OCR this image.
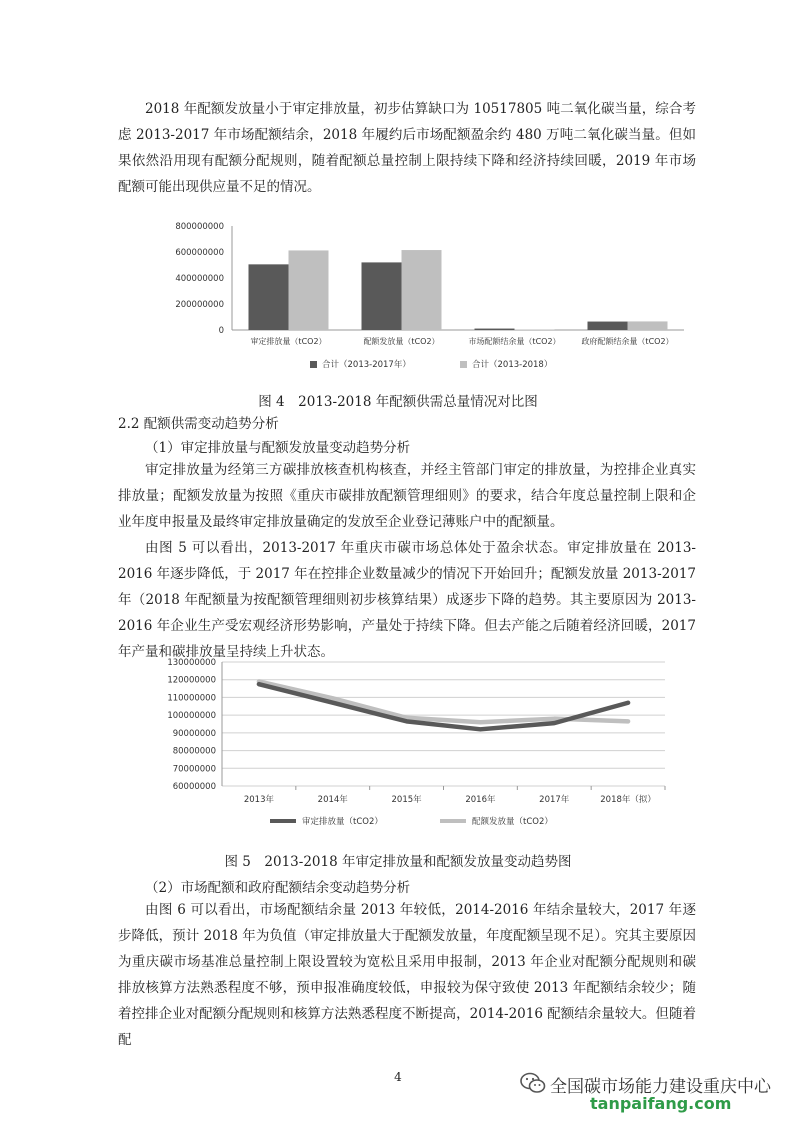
2018 年配额发放量小于审定排放量，初步估算缺口为 10517805 吨二氧化碳当量，综合考虑 2013-2017 年市场配额结余，2018 年履约后市场配额盈余约 480 万吨二氧化碳当量。但如果依然沿用现有配额分配规则，随着配额总量控制上限持续下降和经济持续回暖，2019 年市场配额可能出现供应量不足的情况。

800000000
600000000
400000000
200000000
0
审定排放量（tCO2）	配额发放量（tCO2）	市场配额结余量（tCO2）	政府配额结余量（tCO2）
合计（2013-2017年）	合计（2013-2018）

图 4　2013-2018 年配额供需总量情况对比图

2.2 配额供需变动趋势分析

（1）审定排放量与配额发放量变动趋势分析

审定排放量为经第三方碳排放核查机构核查，并经主管部门审定的排放量，为控排企业真实排放量；配额发放量为按照《重庆市碳排放配额管理细则》的要求，结合年度总量控制上限和企业年度申报量及最终审定排放量确定的发放至企业登记薄账户中的配额量。

由图 5 可以看出，2013-2017 年重庆市碳市场总体处于盈余状态。审定排放量在 2013-2016 年逐步降低，于 2017 年在控排企业数量减少的情况下开始回升；配额发放量 2013-2017 年（2018 年配额量为按配额管理细则初步核算结果）成逐步下降的趋势。其主要原因为 2013-2016 年企业生产受宏观经济形势影响，产量处于持续下降。但去产能之后随着经济回暖，2017 年产量和碳排放量呈持续上升状态。

130000000
120000000
110000000
100000000
90000000
80000000
70000000
60000000
2013年	2014年	2015年	2016年	2017年	2018年（拟）
审定排放量（tCO2）	配额发放量（tCO2）

图 5　2013-2018 年审定排放量和配额发放量变动趋势图

（2）市场配额和政府配额结余变动趋势分析

由图 6 可以看出，市场配额结余量 2013 年较低，2014-2016 年结余量较大，2017 年逐步降低，预计 2018 年为负值（审定排放量大于配额发放量，年度配额呈现不足）。究其主要原因为重庆碳市场基准总量控制上限设置较为宽松且采用申报制，2013 年企业对配额分配规则和碳排放核算方法熟悉程度不够，预申报准确度较低，申报较为保守致使 2013 年配额结余较少；随着控排企业对配额分配规则和核算方法熟悉程度不断提高，2014-2016 配额结余量较大。但随着配

4	全国碳市场能力建设重庆中心
tanpaifang.com
